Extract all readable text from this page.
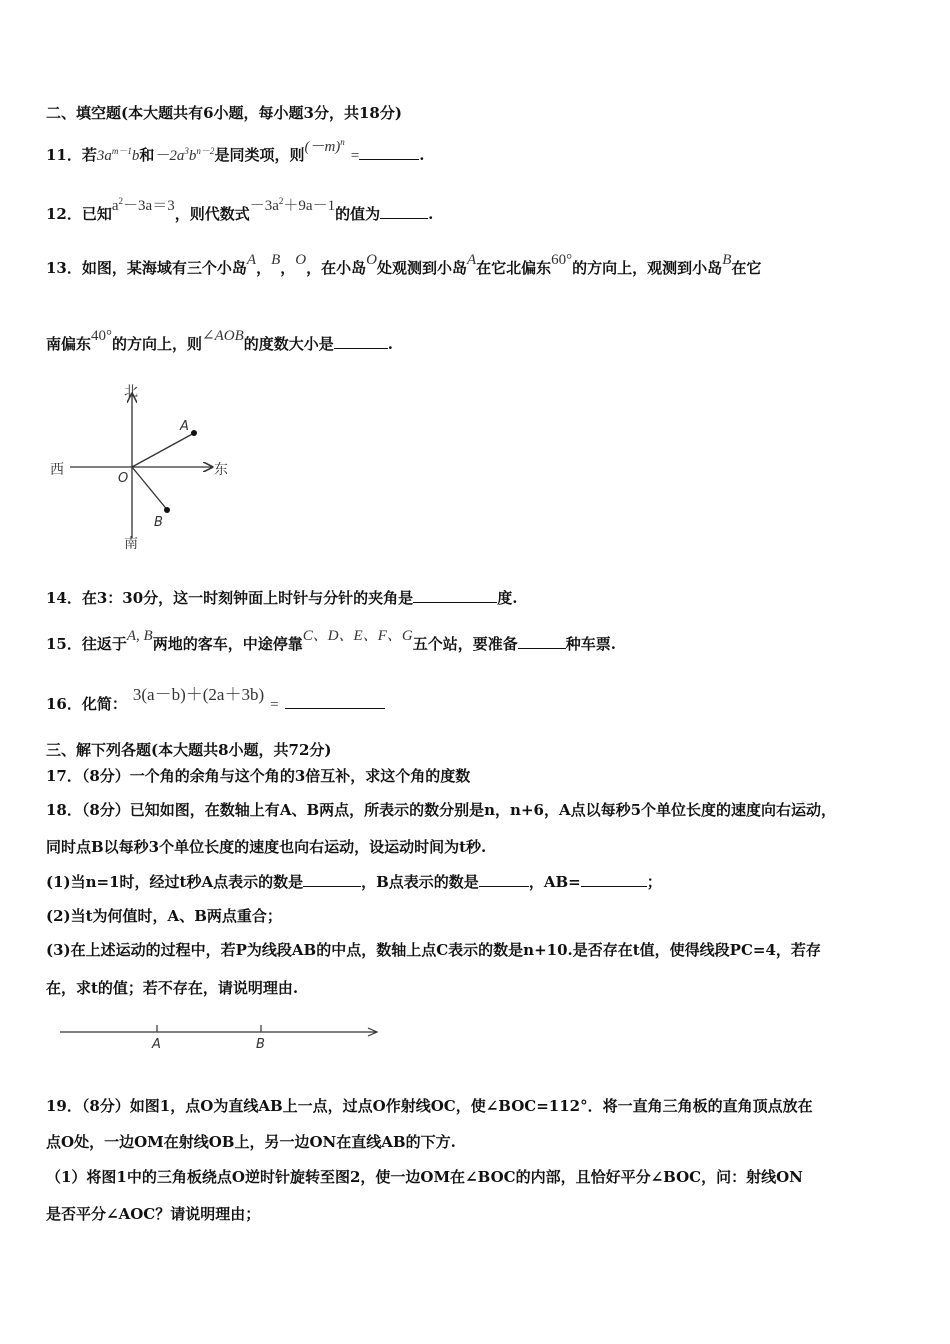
二、填空题(本大题共有6小题，每小题3分，共18分)
11．若$3a^{m-1}b$和$-2a^3b^{n-2}$是同类项，则$(-m)^n=$	.
12．已知$a^2-3a=3$，则代数式$-3a^2+9a-1$的值为	.
13．如图，某海域有三个小岛A，B，O，在小岛O处观测到小岛A在它北偏东60°的方向上，观测到小岛B在它
南偏东40°的方向上，则∠AOB的度数大小是	.
北
南
西	东
O
A
B
14．在3：30分，这一时刻钟面上时针与分针的夹角是	度.
15．往返于A, B两地的客车，中途停靠C、D、E、F、G五个站，要准备	种车票.
16．化简： 3(a－b)＋(2a＋3b)=
三、解下列各题(本大题共8小题，共72分)
17．（8分）一个角的余角与这个角的3倍互补，求这个角的度数
18．（8分）已知如图，在数轴上有A、B两点，所表示的数分别是n，n+6，A点以每秒5个单位长度的速度向右运动，
同时点B以每秒3个单位长度的速度也向右运动，设运动时间为t秒.
(1)当n=1时，经过t秒A点表示的数是	，B点表示的数是	，AB=	；
(2)当t为何值时，A、B两点重合；
(3)在上述运动的过程中，若P为线段AB的中点，数轴上点C表示的数是n+10.是否存在t值，使得线段PC=4，若存
在，求t的值；若不存在，请说明理由.
A	B
19．（8分）如图1，点O为直线AB上一点，过点O作射线OC，使∠BOC=112°．将一直角三角板的直角顶点放在
点O处，一边OM在射线OB上，另一边ON在直线AB的下方.
（1）将图1中的三角板绕点O逆时针旋转至图2，使一边OM在∠BOC的内部，且恰好平分∠BOC，问：射线ON
是否平分∠AOC？请说明理由；
